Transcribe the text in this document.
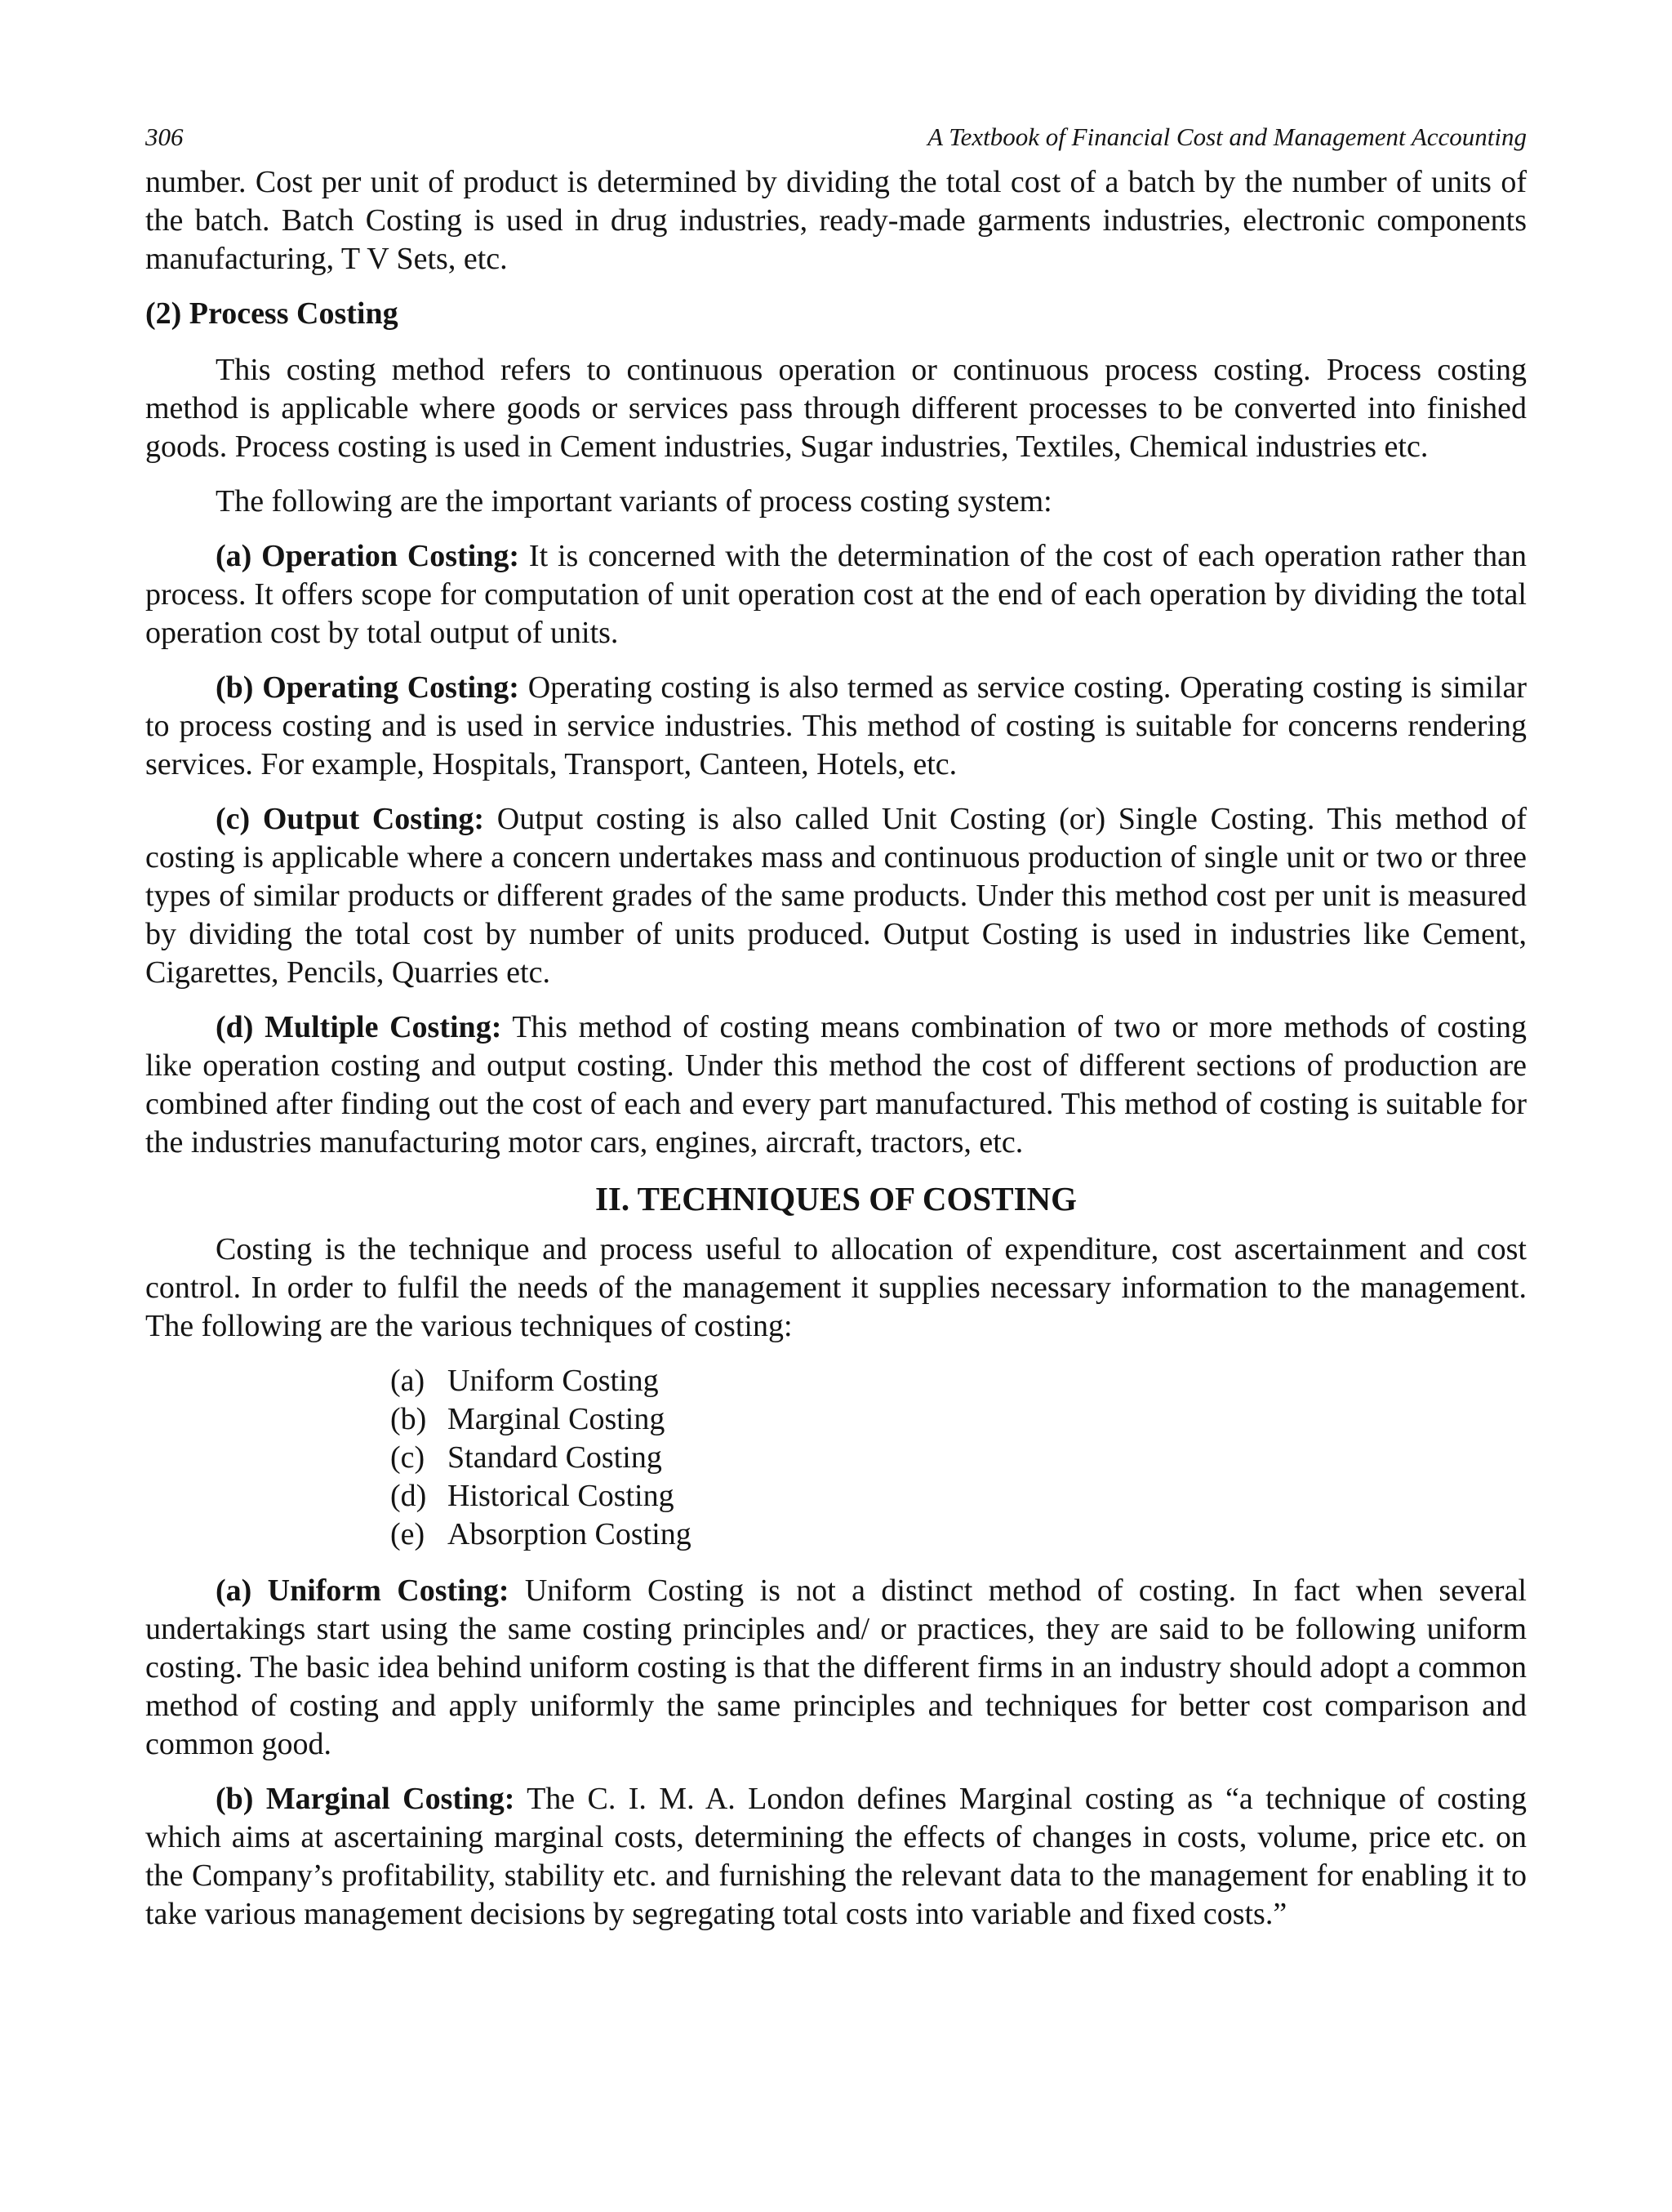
306	A Textbook of Financial Cost and Management Accounting

number. Cost per unit of product is determined by dividing the total cost of a batch by the number of units of the batch. Batch Costing is used in drug industries, ready-made garments industries, electronic components manufacturing, T V Sets, etc.

(2) Process Costing

This costing method refers to continuous operation or continuous process costing. Process costing method is applicable where goods or services pass through different processes to be converted into finished goods. Process costing is used in Cement industries, Sugar industries, Textiles, Chemical industries etc.

The following are the important variants of process costing system:

(a) Operation Costing: It is concerned with the determination of the cost of each operation rather than process. It offers scope for computation of unit operation cost at the end of each operation by dividing the total operation cost by total output of units.

(b) Operating Costing: Operating costing is also termed as service costing. Operating costing is similar to process costing and is used in service industries. This method of costing is suitable for concerns rendering services. For example, Hospitals, Transport, Canteen, Hotels, etc.

(c) Output Costing: Output costing is also called Unit Costing (or) Single Costing. This method of costing is applicable where a concern undertakes mass and continuous production of single unit or two or three types of similar products or different grades of the same products. Under this method cost per unit is measured by dividing the total cost by number of units produced. Output Costing is used in industries like Cement, Cigarettes, Pencils, Quarries etc.

(d) Multiple Costing: This method of costing means combination of two or more methods of costing like operation costing and output costing. Under this method the cost of different sections of production are combined after finding out the cost of each and every part manufactured. This method of costing is suitable for the industries manufacturing motor cars, engines, aircraft, tractors, etc.

II. TECHNIQUES OF COSTING

Costing is the technique and process useful to allocation of expenditure, cost ascertainment and cost control. In order to fulfil the needs of the management it supplies necessary information to the management. The following are the various techniques of costing:

(a) Uniform Costing
(b) Marginal Costing
(c) Standard Costing
(d) Historical Costing
(e) Absorption Costing

(a) Uniform Costing: Uniform Costing is not a distinct method of costing. In fact when several undertakings start using the same costing principles and/ or practices, they are said to be following uniform costing. The basic idea behind uniform costing is that the different firms in an industry should adopt a common method of costing and apply uniformly the same principles and techniques for better cost comparison and common good.

(b) Marginal Costing: The C. I. M. A. London defines Marginal costing as “a technique of costing which aims at ascertaining marginal costs, determining the effects of changes in costs, volume, price etc. on the Company’s profitability, stability etc. and furnishing the relevant data to the management for enabling it to take various management decisions by segregating total costs into variable and fixed costs.”
